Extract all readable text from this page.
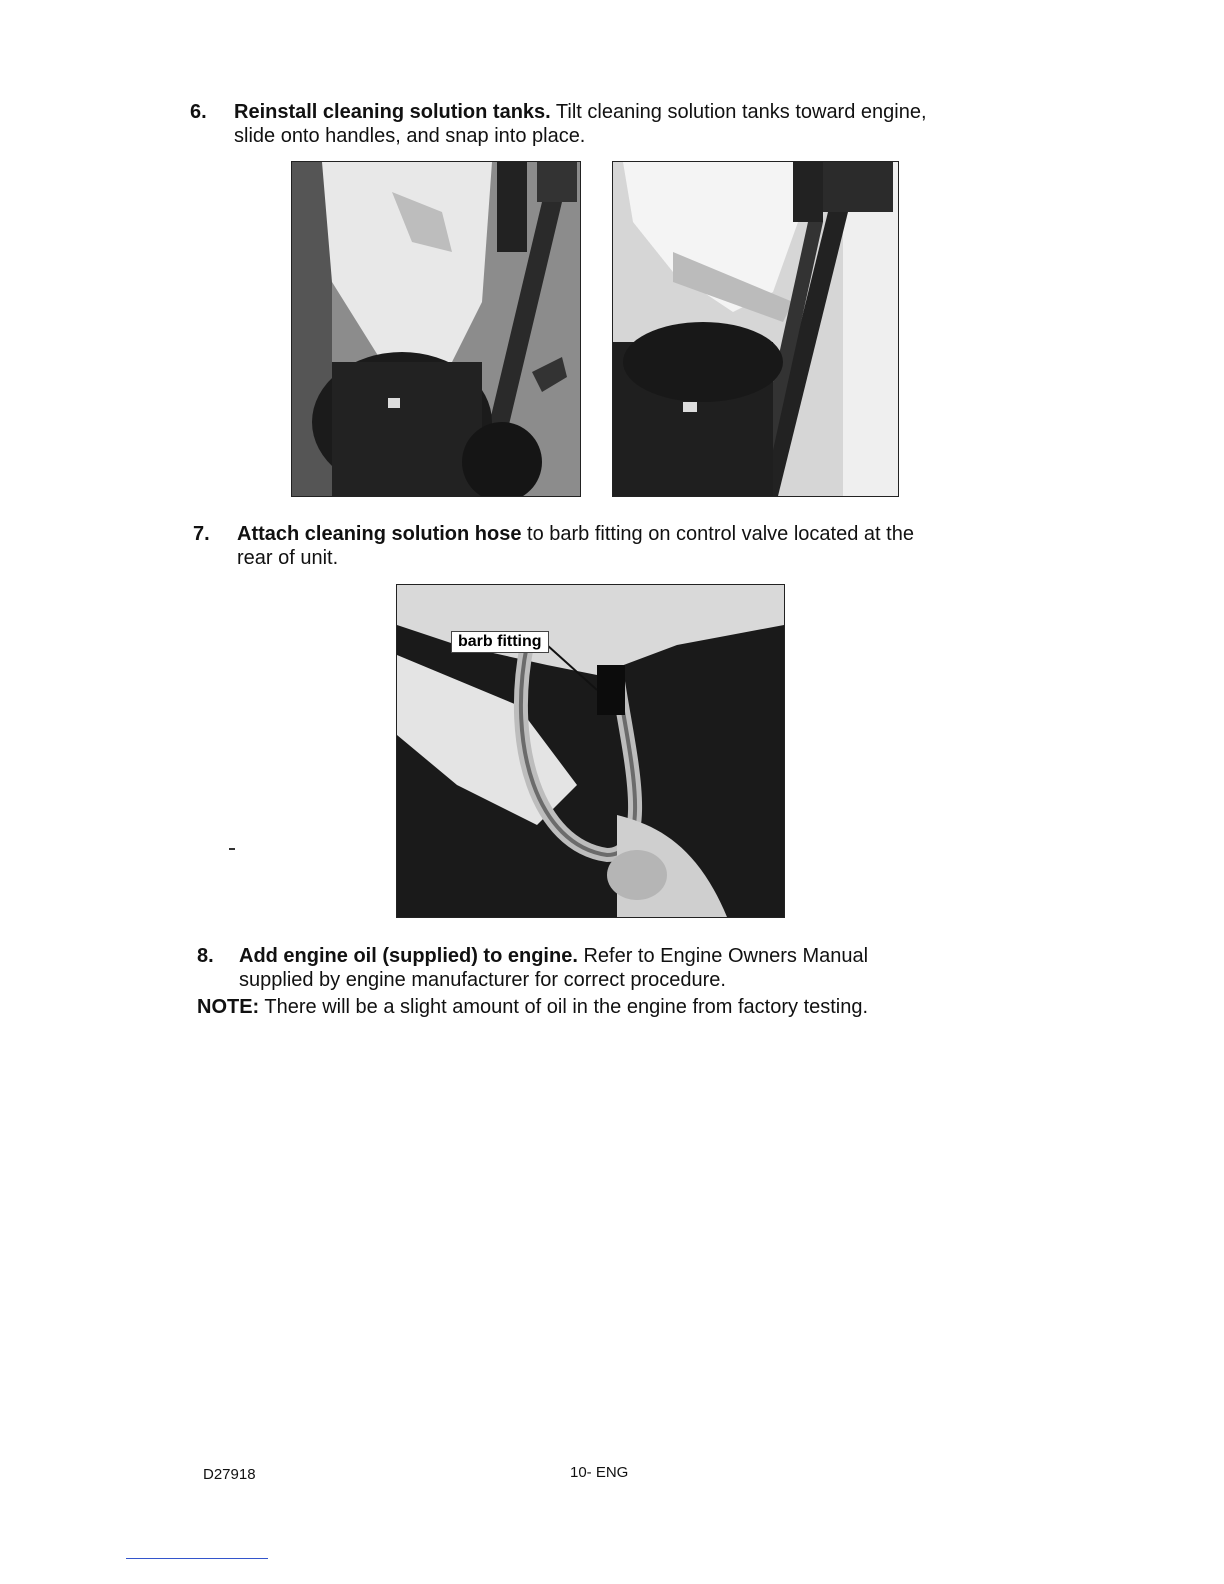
6. Reinstall cleaning solution tanks. Tilt cleaning solution tanks toward engine,
slide onto handles, and snap into place.
7. Attach cleaning solution hose to barb fitting on control valve located at the
rear of unit.
barb fitting
8. Add engine oil (supplied) to engine. Refer to Engine Owners Manual
supplied by engine manufacturer for correct procedure.
NOTE: There will be a slight amount of oil in the engine from factory testing.
D27918	10- ENG
